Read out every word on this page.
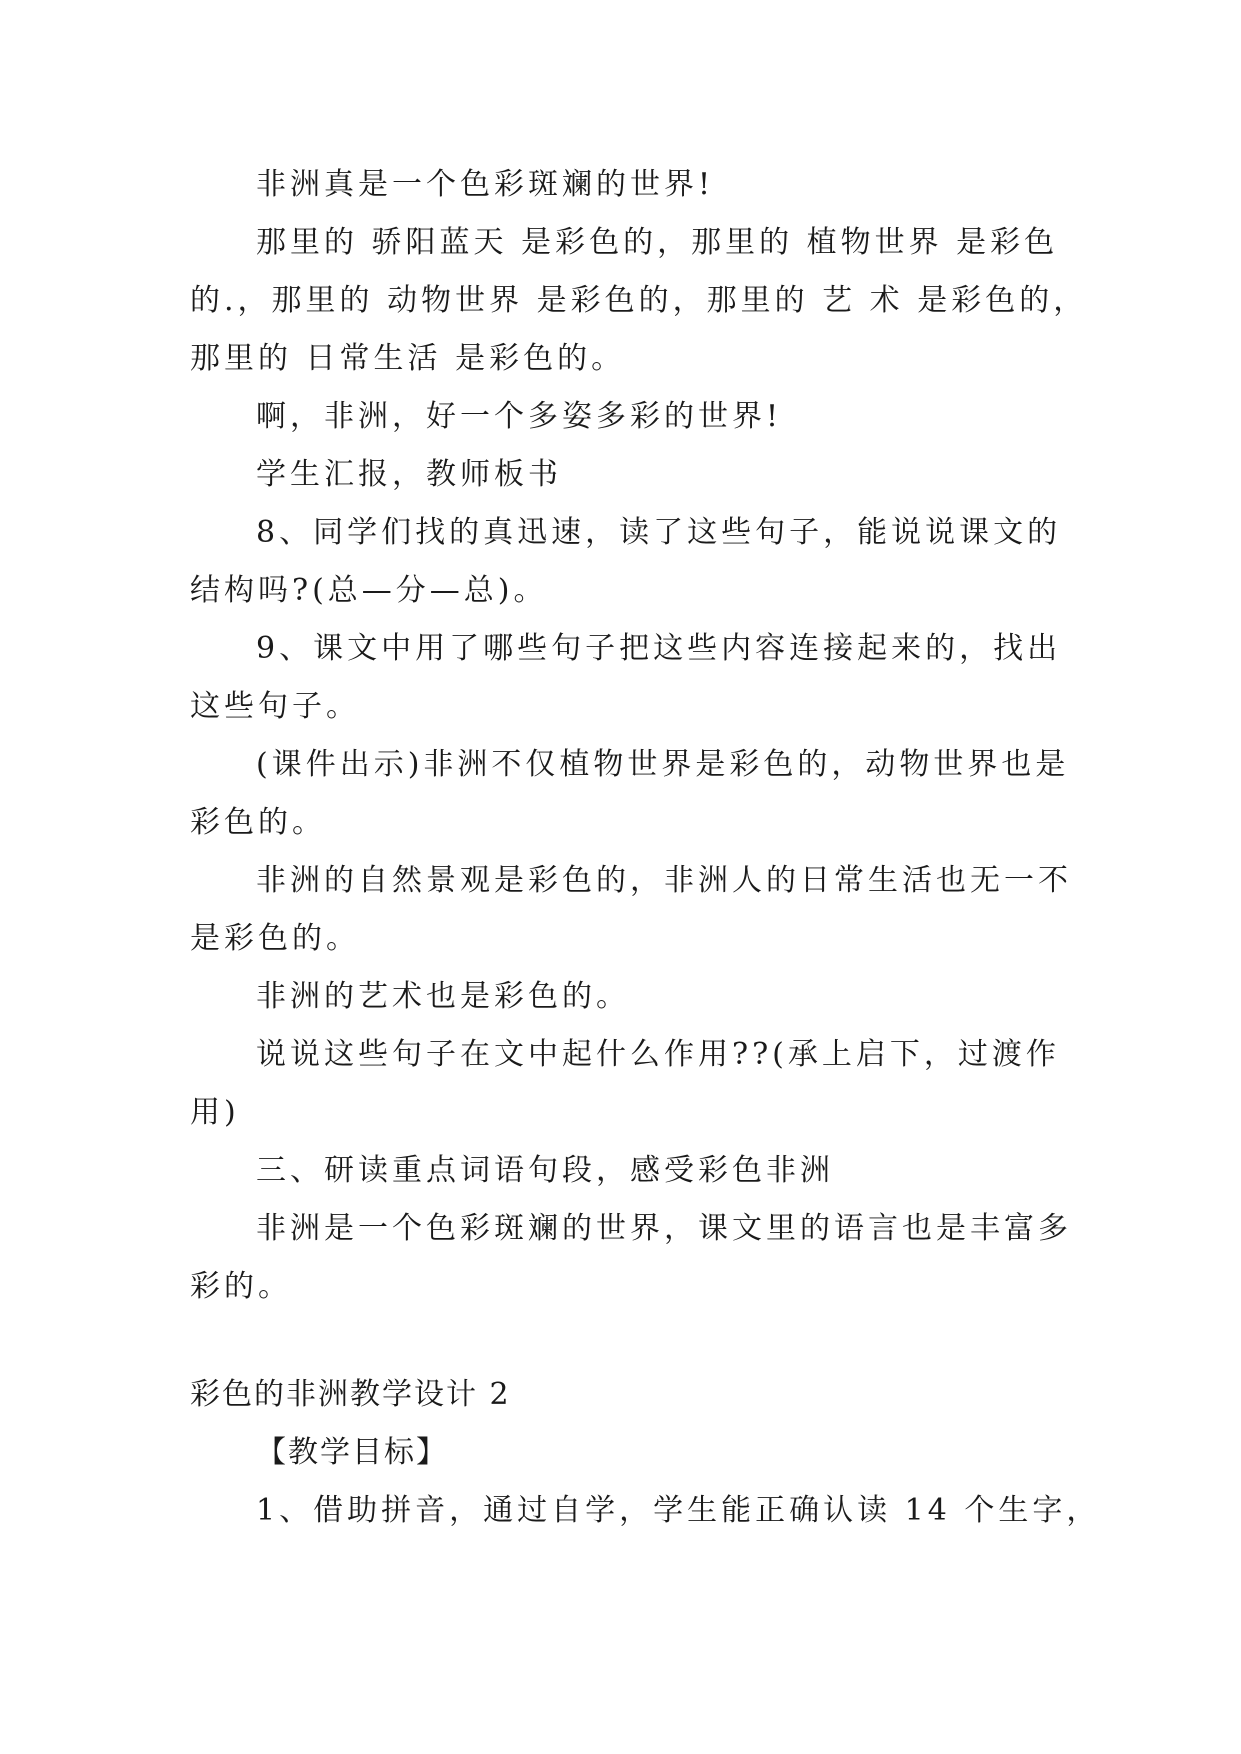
非洲真是一个色彩斑斓的世界!
那里的 骄阳蓝天 是彩色的，那里的 植物世界 是彩色
的.，那里的 动物世界 是彩色的，那里的 艺 术 是彩色的，
那里的 日常生活 是彩色的。
啊，非洲，好一个多姿多彩的世界!
学生汇报，教师板书
8、同学们找的真迅速，读了这些句子，能说说课文的
结构吗?(总—分—总)。
9、课文中用了哪些句子把这些内容连接起来的，找出
这些句子。
(课件出示)非洲不仅植物世界是彩色的，动物世界也是
彩色的。
非洲的自然景观是彩色的，非洲人的日常生活也无一不
是彩色的。
非洲的艺术也是彩色的。
说说这些句子在文中起什么作用??(承上启下，过渡作
用)
三、研读重点词语句段，感受彩色非洲
非洲是一个色彩斑斓的世界，课文里的语言也是丰富多
彩的。
彩色的非洲教学设计 2
【教学目标】
1、借助拼音，通过自学，学生能正确认读 14 个生字，
